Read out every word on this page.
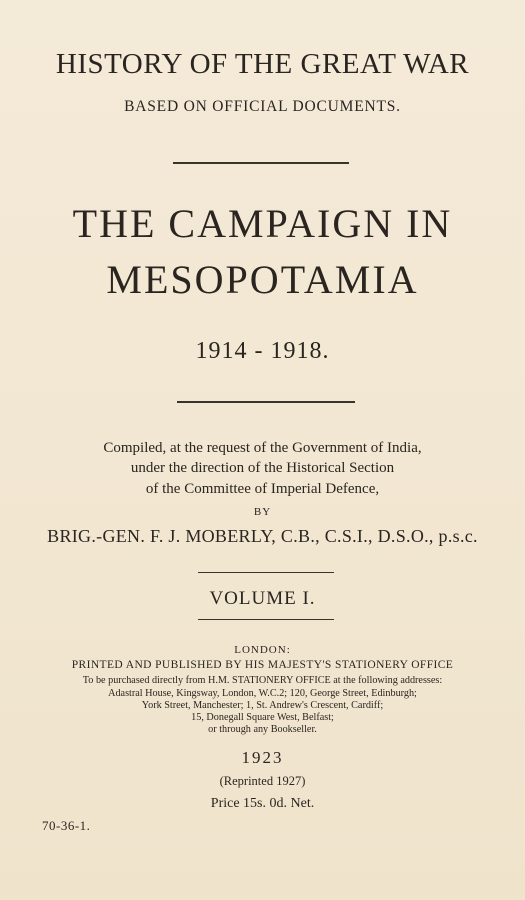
HISTORY OF THE GREAT WAR
BASED ON OFFICIAL DOCUMENTS.
THE CAMPAIGN IN
MESOPOTAMIA
1914 - 1918.
Compiled, at the request of the Government of India,
under the direction of the Historical Section
of the Committee of Imperial Defence,
BY
BRIG.-GEN. F. J. MOBERLY, C.B., C.S.I., D.S.O., p.s.c.
VOLUME I.
LONDON:
PRINTED AND PUBLISHED BY HIS MAJESTY'S STATIONERY OFFICE
To be purchased directly from H.M. STATIONERY OFFICE at the following addresses:
Adastral House, Kingsway, London, W.C.2; 120, George Street, Edinburgh;
York Street, Manchester; 1, St. Andrew's Crescent, Cardiff;
15, Donegall Square West, Belfast;
or through any Bookseller.
1923
(Reprinted 1927)
Price 15s. 0d. Net.
70-36-1.
